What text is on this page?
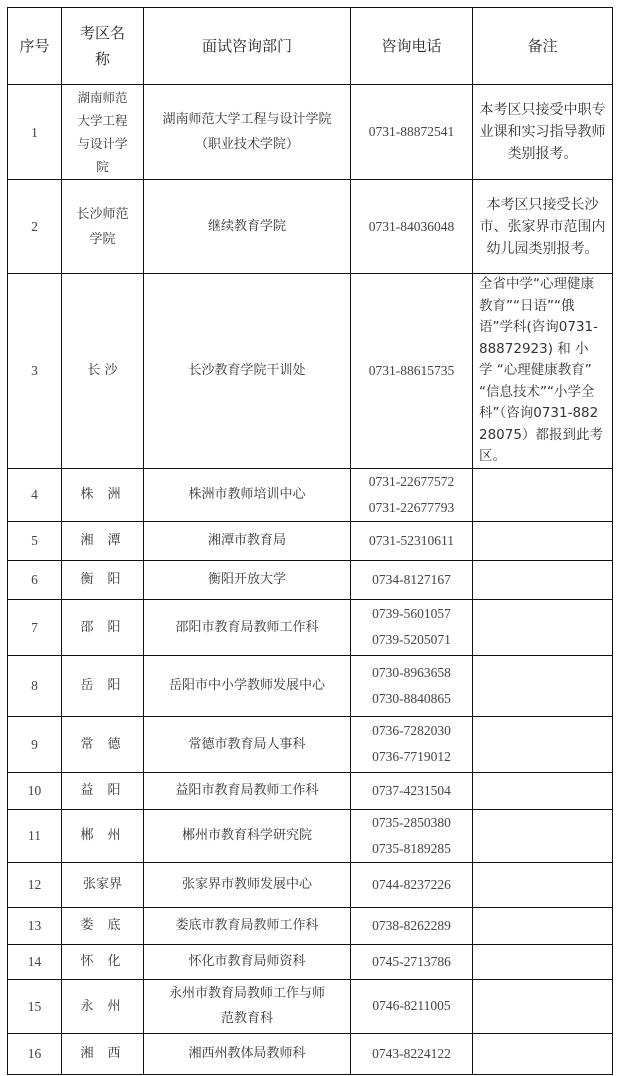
序号	考区名称	面试咨询部门	咨询电话	备注
1	湖南师范大学工程与设计学院	湖南师范大学工程与设计学院（职业技术学院）	0731-88872541	本考区只接受中职专业课和实习指导教师类别报考。
2	长沙师范学院	继续教育学院	0731-84036048	本考区只接受长沙市、张家界市范围内幼儿园类别报考。
3	长 沙	长沙教育学院干训处	0731-88615735	全省中学“心理健康教育”“日语”“俄语”学科(咨询0731-88872923) 和 小 学 “心理健康教育” “信息技术”“小学全科”（咨询0731-88228075）都报到此考区。
4	株洲	株洲市教师培训中心	0731-22677572
0731-22677793	

5	湘潭	湘潭市教育局	0731-52310611	

6	衡阳	衡阳开放大学	0734-8127167	

7	邵阳	邵阳市教育局教师工作科	0739-5601057
0739-5205071	

8	岳阳	岳阳市中小学教师发展中心	0730-8963658
0730-8840865	

9	常德	常德市教育局人事科	0736-7282030
0736-7719012	

10	益阳	益阳市教育局教师工作科	0737-4231504	

11	郴州	郴州市教育科学研究院	0735-2850380
0735-8189285	

12	张家界	张家界市教师发展中心	0744-8237226	

13	娄底	娄底市教育局教师工作科	0738-8262289	

14	怀化	怀化市教育局师资科	0745-2713786	

15	永州	永州市教育局教师工作与师范教育科	0746-8211005	

16	湘西	湘西州教体局教师科	0743-8224122	
